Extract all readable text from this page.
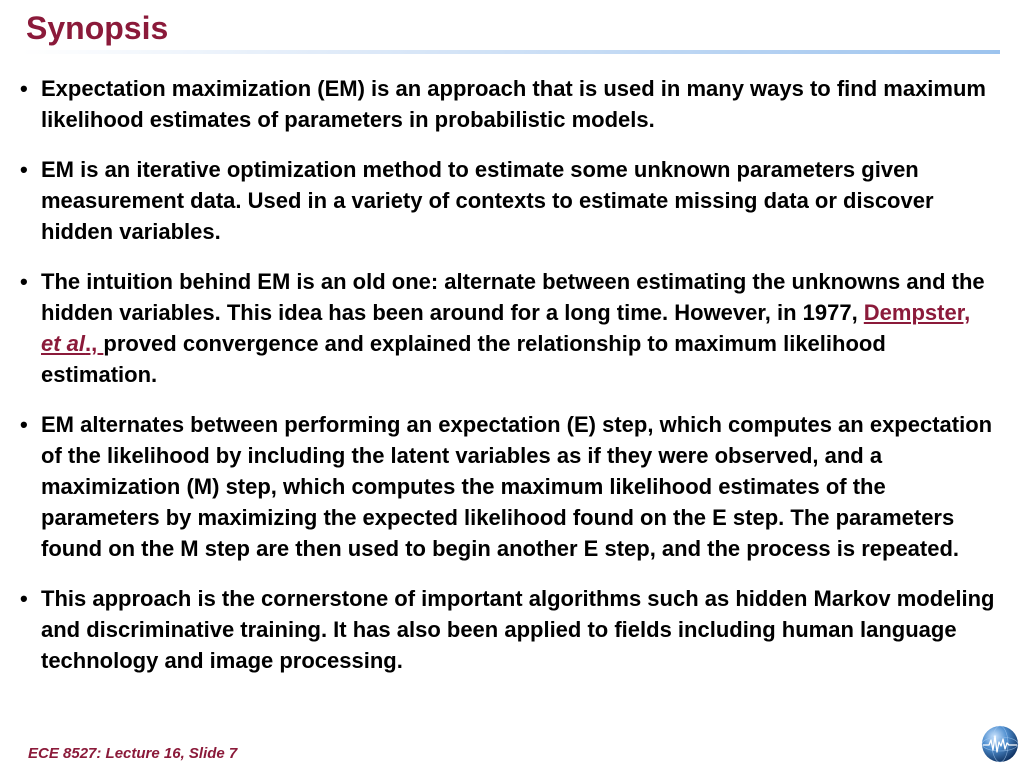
Synopsis
• Expectation maximization (EM) is an approach that is used in many ways to find maximum likelihood estimates of parameters in probabilistic models.
• EM is an iterative optimization method to estimate some unknown parameters given measurement data. Used in a variety of contexts to estimate missing data or discover hidden variables.
• The intuition behind EM is an old one: alternate between estimating the unknowns and the hidden variables. This idea has been around for a long time. However, in 1977, Dempster, et al., proved convergence and explained the relationship to maximum likelihood estimation.
• EM alternates between performing an expectation (E) step, which computes an expectation of the likelihood by including the latent variables as if they were observed, and a maximization (M) step, which computes the maximum likelihood estimates of the parameters by maximizing the expected likelihood found on the E step. The parameters found on the M step are then used to begin another E step, and the process is repeated.
• This approach is the cornerstone of important algorithms such as hidden Markov modeling and discriminative training. It has also been applied to fields including human language technology and image processing.
ECE 8527: Lecture 16, Slide 7
